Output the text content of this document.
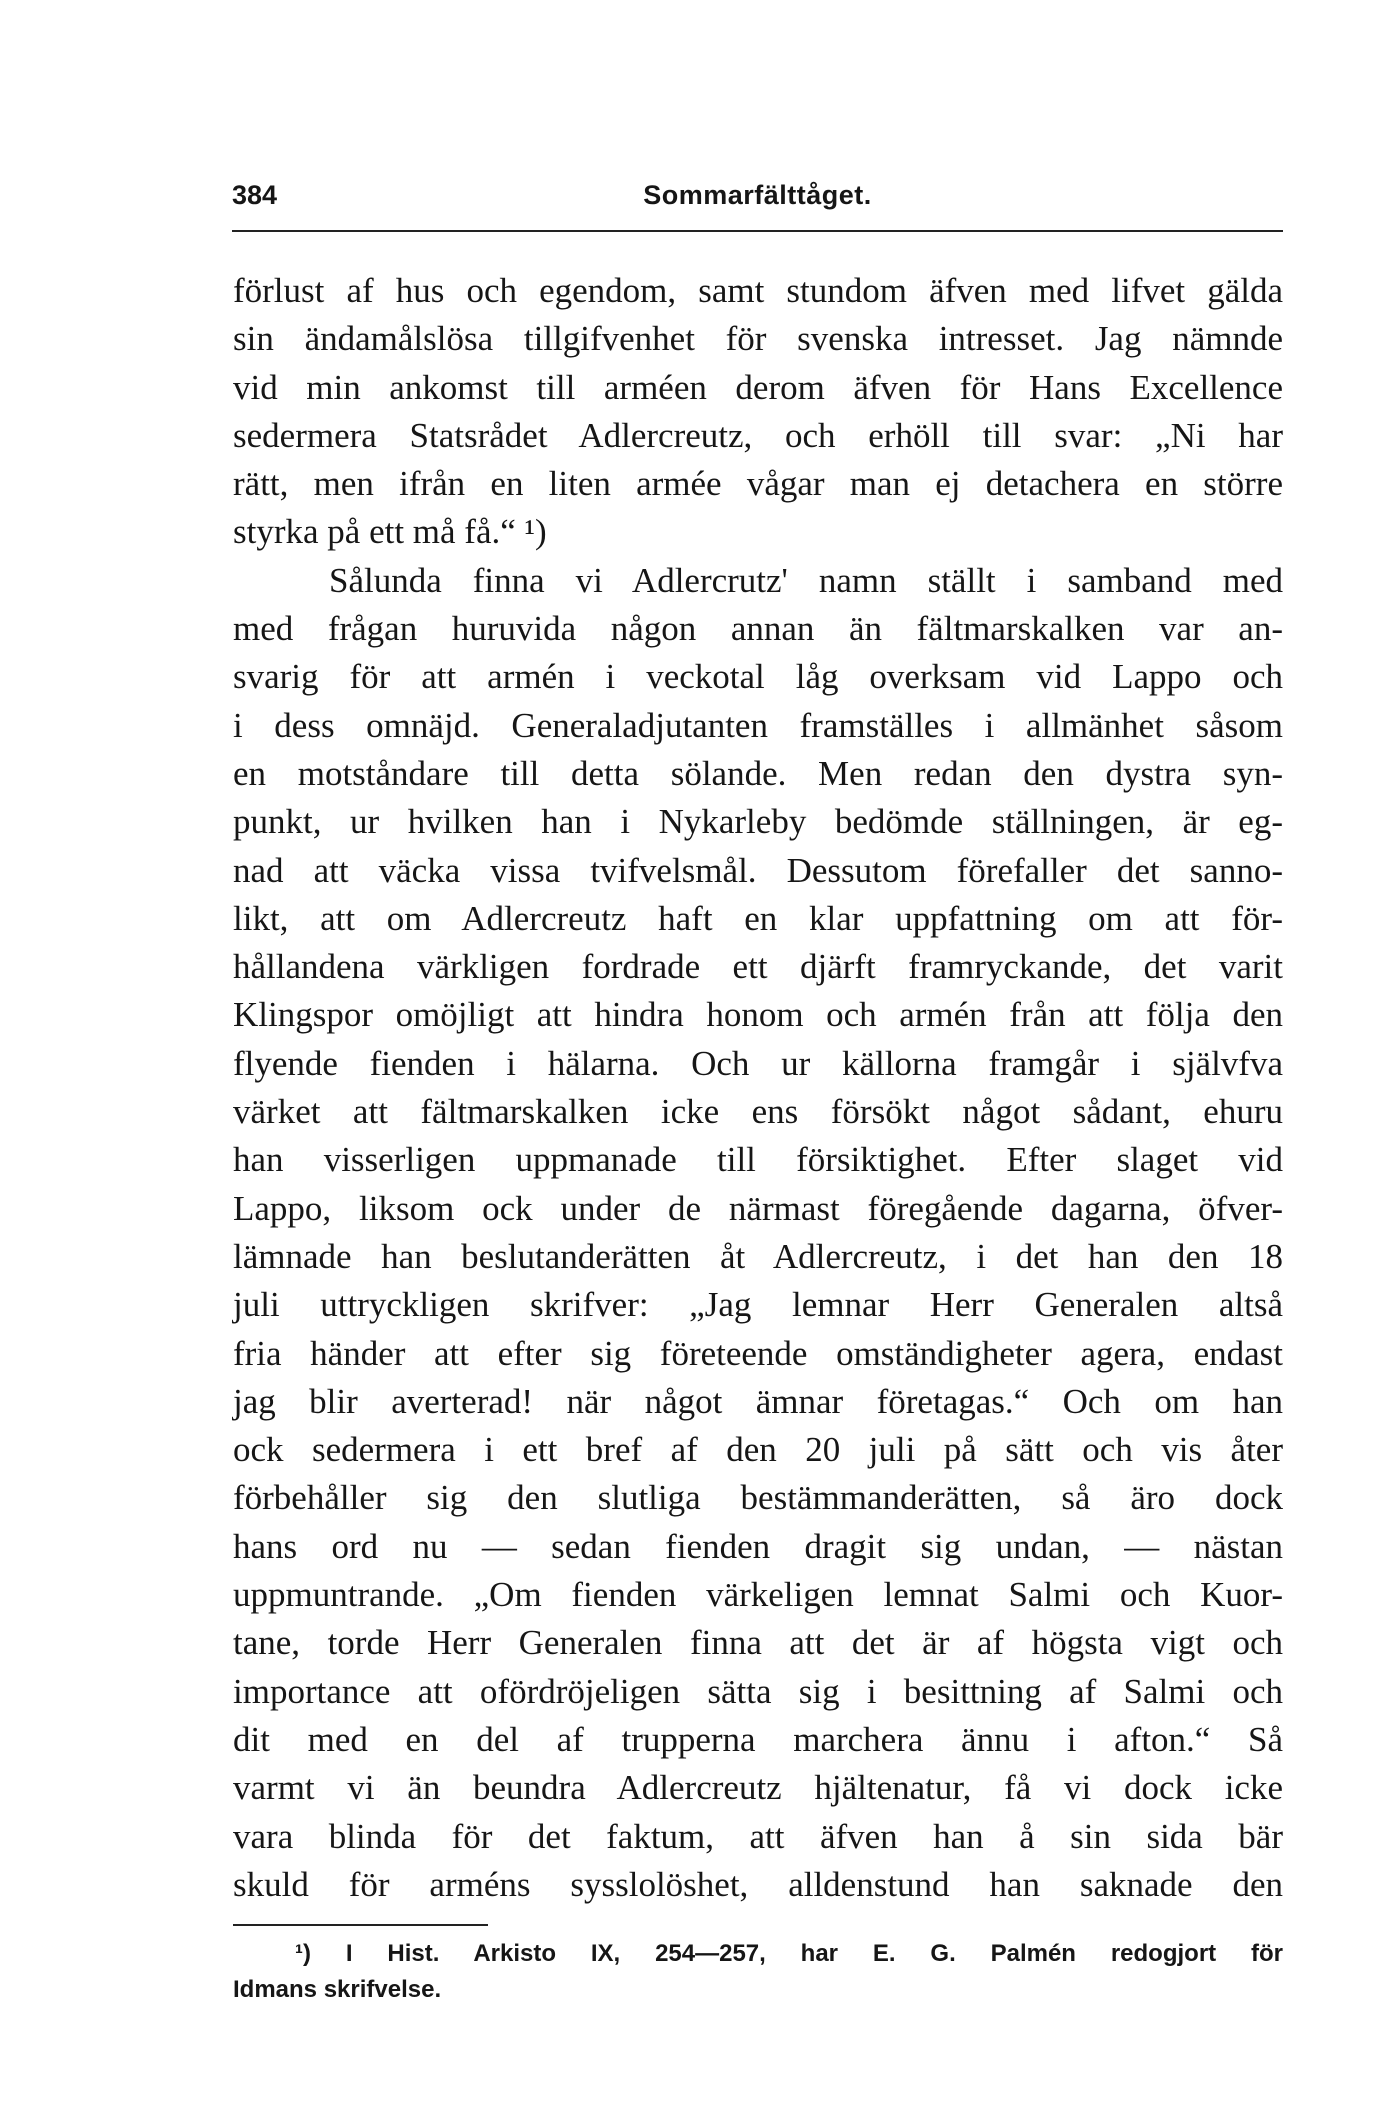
384	Sommarfälttåget.
förlust af hus och egendom, samt stundom äfven med lifvet gälda
sin ändamålslösa tillgifvenhet för svenska intresset. Jag nämnde
vid min ankomst till arméen derom äfven för Hans Excellence
sedermera Statsrådet Adlercreutz, och erhöll till svar: „Ni har
rätt, men ifrån en liten armée vågar man ej detachera en större
styrka på ett må få.“ ¹)
Sålunda finna vi Adlercrutz' namn ställt i samband med
med frågan huruvida någon annan än fältmarskalken var an-
svarig för att armén i veckotal låg overksam vid Lappo och
i dess omnäjd. Generaladjutanten framställes i allmänhet såsom
en motståndare till detta sölande. Men redan den dystra syn-
punkt, ur hvilken han i Nykarleby bedömde ställningen, är eg-
nad att väcka vissa tvifvelsmål. Dessutom förefaller det sanno-
likt, att om Adlercreutz haft en klar uppfattning om att för-
hållandena värkligen fordrade ett djärft framryckande, det varit
Klingspor omöjligt att hindra honom och armén från att följa den
flyende fienden i hälarna. Och ur källorna framgår i självfva
värket att fältmarskalken icke ens försökt något sådant, ehuru
han visserligen uppmanade till försiktighet. Efter slaget vid
Lappo, liksom ock under de närmast föregående dagarna, öfver-
lämnade han beslutanderätten åt Adlercreutz, i det han den 18
juli uttryckligen skrifver: „Jag lemnar Herr Generalen altså
fria händer att efter sig företeende omständigheter agera, endast
jag blir averterad! när något ämnar företagas.“ Och om han
ock sedermera i ett bref af den 20 juli på sätt och vis åter
förbehåller sig den slutliga bestämmanderätten, så äro dock
hans ord nu — sedan fienden dragit sig undan, — nästan
uppmuntrande. „Om fienden värkeligen lemnat Salmi och Kuor-
tane, torde Herr Generalen finna att det är af högsta vigt och
importance att ofördröjeligen sätta sig i besittning af Salmi och
dit med en del af trupperna marchera ännu i afton.“ Så
varmt vi än beundra Adlercreutz hjältenatur, få vi dock icke
vara blinda för det faktum, att äfven han å sin sida bär
skuld för arméns sysslolöshet, alldenstund han saknade den
¹) I Hist. Arkisto IX, 254—257, har E. G. Palmén redogjort för
Idmans skrifvelse.
